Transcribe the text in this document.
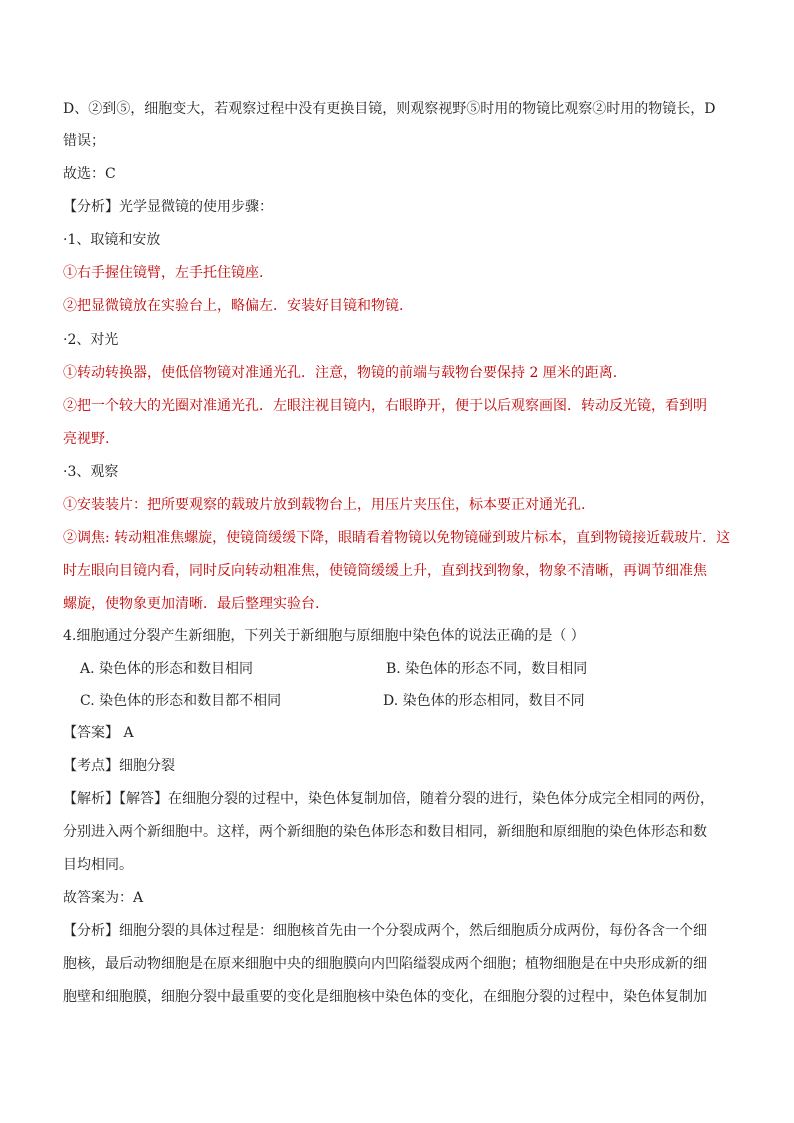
D、②到⑤，细胞变大，若观察过程中没有更换目镜，则观察视野⑤时用的物镜比观察②时用的物镜长，D
错误；
故选：C
【分析】光学显微镜的使用步骤：
·1、取镜和安放
①右手握住镜臂，左手托住镜座.
②把显微镜放在实验台上，略偏左．安装好目镜和物镜.
·2、对光
①转动转换器，使低倍物镜对准通光孔．注意，物镜的前端与载物台要保持 2 厘米的距离.
②把一个较大的光圈对准通光孔．左眼注视目镜内，右眼睁开，便于以后观察画图．转动反光镜，看到明
亮视野.
·3、观察
①安装装片：把所要观察的载玻片放到载物台上，用压片夹压住，标本要正对通光孔.
②调焦: 转动粗准焦螺旋，使镜筒缓缓下降，眼睛看着物镜以免物镜碰到玻片标本，直到物镜接近载玻片．这
时左眼向目镜内看，同时反向转动粗准焦，使镜筒缓缓上升，直到找到物象，物象不清晰，再调节细准焦
螺旋，使物象更加清晰．最后整理实验台.
4.细胞通过分裂产生新细胞，下列关于新细胞与原细胞中染色体的说法正确的是（ ）
A. 染色体的形态和数目相同	B. 染色体的形态不同，数目相同
C. 染色体的形态和数目都不相同	D. 染色体的形态相同，数目不同
【答案】 A
【考点】细胞分裂
【解析】【解答】在细胞分裂的过程中，染色体复制加倍，随着分裂的进行，染色体分成完全相同的两份，
分别进入两个新细胞中。这样，两个新细胞的染色体形态和数目相同，新细胞和原细胞的染色体形态和数
目均相同。
故答案为：A
【分析】细胞分裂的具体过程是：细胞核首先由一个分裂成两个，然后细胞质分成两份，每份各含一个细
胞核，最后动物细胞是在原来细胞中央的细胞膜向内凹陷缢裂成两个细胞；植物细胞是在中央形成新的细
胞壁和细胞膜，细胞分裂中最重要的变化是细胞核中染色体的变化，在细胞分裂的过程中，染色体复制加
